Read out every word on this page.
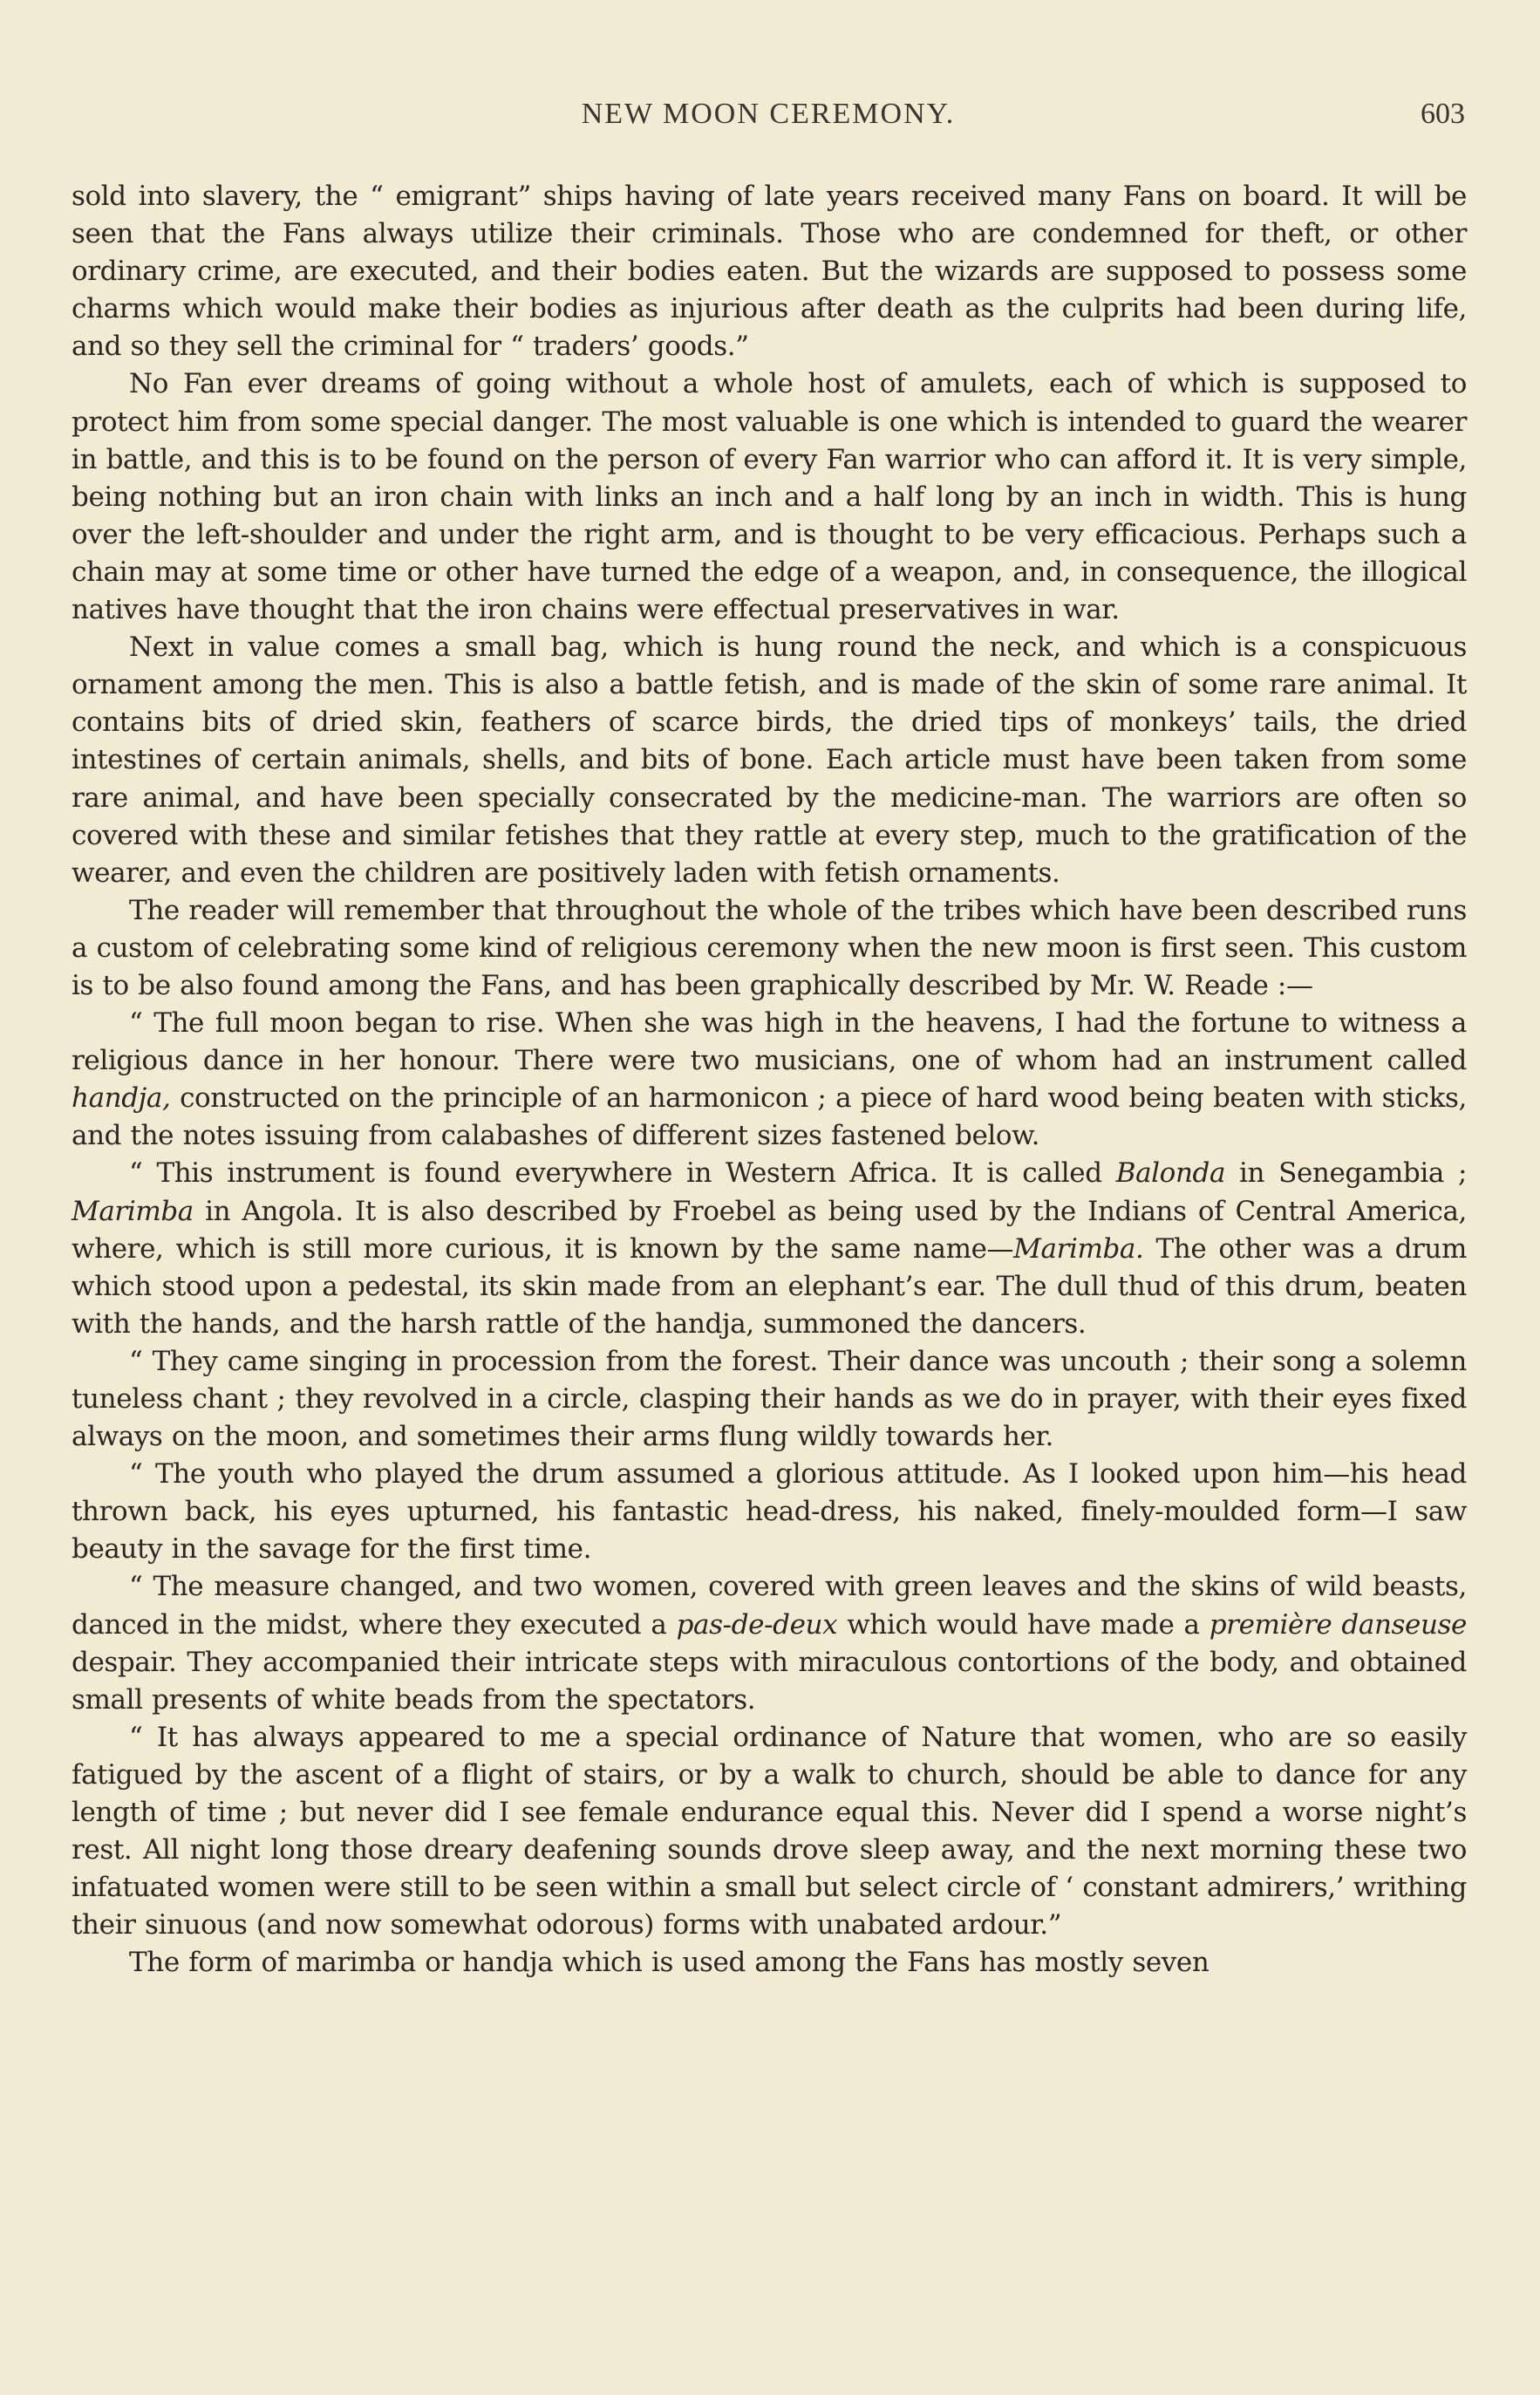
NEW MOON CEREMONY.	603

sold into slavery, the “ emigrant” ships having of late years received many Fans on board. It will be seen that the Fans always utilize their criminals. Those who are condemned for theft, or other ordinary crime, are executed, and their bodies eaten. But the wizards are supposed to possess some charms which would make their bodies as injurious after death as the culprits had been during life, and so they sell the criminal for “ traders’ goods.”

No Fan ever dreams of going without a whole host of amulets, each of which is supposed to protect him from some special danger. The most valuable is one which is intended to guard the wearer in battle, and this is to be found on the person of every Fan warrior who can afford it. It is very simple, being nothing but an iron chain with links an inch and a half long by an inch in width. This is hung over the left-shoulder and under the right arm, and is thought to be very efficacious. Perhaps such a chain may at some time or other have turned the edge of a weapon, and, in consequence, the illogical natives have thought that the iron chains were effectual preservatives in war.

Next in value comes a small bag, which is hung round the neck, and which is a conspicuous ornament among the men. This is also a battle fetish, and is made of the skin of some rare animal. It contains bits of dried skin, feathers of scarce birds, the dried tips of monkeys’ tails, the dried intestines of certain animals, shells, and bits of bone. Each article must have been taken from some rare animal, and have been specially consecrated by the medicine-man. The warriors are often so covered with these and similar fetishes that they rattle at every step, much to the gratification of the wearer, and even the children are positively laden with fetish ornaments.

The reader will remember that throughout the whole of the tribes which have been described runs a custom of celebrating some kind of religious ceremony when the new moon is first seen. This custom is to be also found among the Fans, and has been graphically described by Mr. W. Reade :—

“ The full moon began to rise. When she was high in the heavens, I had the fortune to witness a religious dance in her honour. There were two musicians, one of whom had an instrument called handja, constructed on the principle of an harmonicon ; a piece of hard wood being beaten with sticks, and the notes issuing from calabashes of different sizes fastened below.

“ This instrument is found everywhere in Western Africa. It is called Balonda in Senegambia ; Marimba in Angola. It is also described by Froebel as being used by the Indians of Central America, where, which is still more curious, it is known by the same name—Marimba. The other was a drum which stood upon a pedestal, its skin made from an elephant’s ear. The dull thud of this drum, beaten with the hands, and the harsh rattle of the handja, summoned the dancers.

“ They came singing in procession from the forest. Their dance was uncouth ; their song a solemn tuneless chant ; they revolved in a circle, clasping their hands as we do in prayer, with their eyes fixed always on the moon, and sometimes their arms flung wildly towards her.

“ The youth who played the drum assumed a glorious attitude. As I looked upon him—his head thrown back, his eyes upturned, his fantastic head-dress, his naked, finely-moulded form—I saw beauty in the savage for the first time.

“ The measure changed, and two women, covered with green leaves and the skins of wild beasts, danced in the midst, where they executed a pas-de-deux which would have made a première danseuse despair. They accompanied their intricate steps with miraculous contortions of the body, and obtained small presents of white beads from the spectators.

“ It has always appeared to me a special ordinance of Nature that women, who are so easily fatigued by the ascent of a flight of stairs, or by a walk to church, should be able to dance for any length of time ; but never did I see female endurance equal this. Never did I spend a worse night’s rest. All night long those dreary deafening sounds drove sleep away, and the next morning these two infatuated women were still to be seen within a small but select circle of ‘ constant admirers,’ writhing their sinuous (and now somewhat odorous) forms with unabated ardour.”

The form of marimba or handja which is used among the Fans has mostly seven
